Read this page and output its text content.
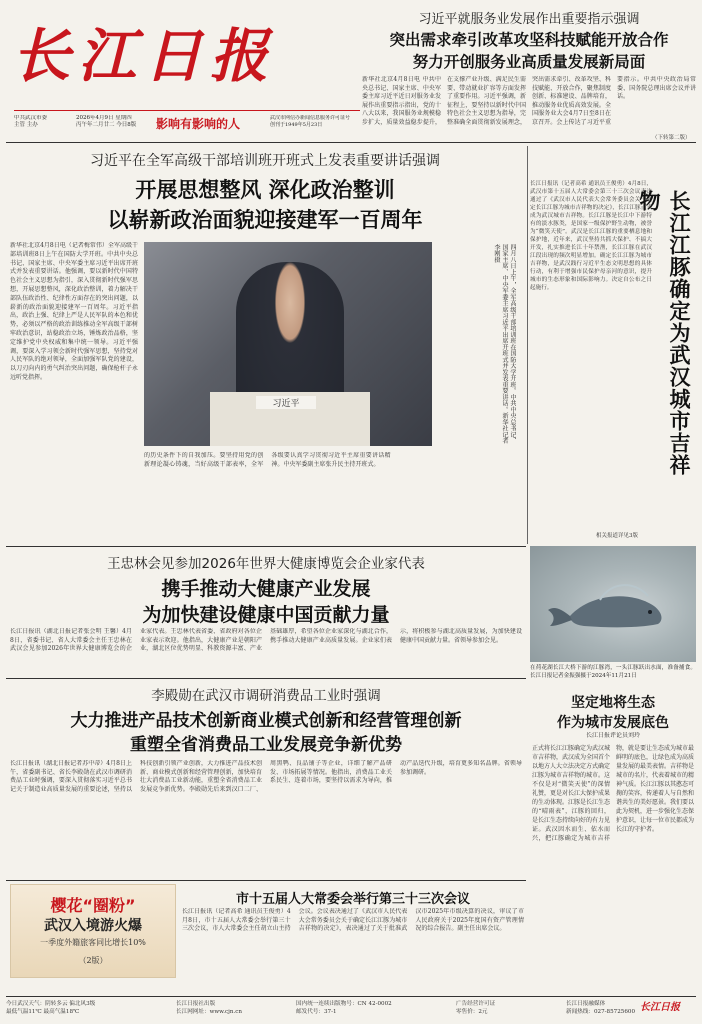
长江日报
中共武汉市委
主管 主办
2026年4月9日 星期四
丙午年二月廿二 今日8版	影响有影响的人	武汉市网信办新闻信息服务许可证号
创刊于1949年5月23日
习近平就服务业发展作出重要指示强调
突出需求牵引改革攻坚科技赋能开放合作
努力开创服务业高质量发展新局面
新华社北京4月8日电 中共中央总书记、国家主席、中央军委主席习近平近日对服务业发展作出重要指示指出，党的十八大以来，我国服务业规模稳步扩大，质量效益稳步提升，在支撑产业升级、满足民生需要、带动就业扩容等方面发挥了重要作用。习近平强调，新征程上，要坚持以新时代中国特色社会主义思想为指导，完整准确全面贯彻新发展理念，突出需求牵引、改革攻坚、科技赋能、开放合作，聚焦制度创新、标准建设、品牌培育，推动服务业优质高效发展。全国服务业大会4月7日至8日在京召开。会上传达了习近平重要指示。中共中央政治局常委、国务院总理出席会议并讲话。
（下转第二版）
习近平在全军高级干部培训班开班式上发表重要讲话强调
开展思想整风 深化政治整训
以崭新政治面貌迎接建军一百周年
新华社北京4月8日电（记者梅常伟）全军高级干部培训班8日上午在国防大学开班。中共中央总书记、国家主席、中央军委主席习近平出席开班式并发表重要讲话。他强调，要以新时代中国特色社会主义思想为指引，深入贯彻新时代强军思想，开展思想整风，深化政治整训，着力解决干部队伍政治性、纪律性方面存在的突出问题，以崭新的政治面貌迎接建军一百周年。习近平指出，政治上强、纪律上严是人民军队的本色和优势，必须以严格的政治训练推动全军高级干部树牢政治意识，站稳政治立场，锤炼政治品格，坚定维护党中央权威和集中统一领导。习近平强调，要深入学习领会新时代强军思想，坚持党对人民军队的绝对领导，全面加强军队党的建设，以刀刃向内的勇气纠治突出问题，确保枪杆子永远听党指挥。
习近平	四月八日上午，全军高级干部培训班在国防大学开班。中共中央总书记、国家主席、中央军委主席习近平出席开班式并发表重要讲话。新华社记者李刚摄
的历史条件下的自我加压。要坚持用党的创新理论凝心铸魂，当好高级干部表率，全军各级要认真学习贯彻习近平主席重要讲话精神。中央军委副主席张升民主持开班式。
长江日报讯（记者高希 通讯员王俊勇）4月8日，武汉市第十五届人大常委会第三十三次会议表决通过了《武汉市人民代表大会常务委员会关于确定长江江豚为城市吉祥物的决定》，长江江豚正式成为武汉城市吉祥物。长江江豚是长江中下游特有的淡水豚类，是国家一级保护野生动物，被誉为“微笑天使”。武汉是长江江豚的重要栖息地和保护地，近年来，武汉坚持共抓大保护、不搞大开发，扎实推进长江十年禁渔，长江江豚在武汉江段出现的频次明显增加。确定长江江豚为城市吉祥物，是武汉践行习近平生态文明思想的具体行动，有利于增强市民保护母亲河的意识，提升城市的生态形象和国际影响力。决定自公布之日起施行。	长江江豚确定为武汉城市吉祥物
相关报道详见3版
在荷花湖长江大桥下游的江豚湾，一头江豚跃出水面，准备捕食。长江日报记者金振强摄于2024年11月21日
王忠林会见参加2026年世界大健康博览会企业家代表
携手推动大健康产业发展
为加快建设健康中国贡献力量
长江日报讯（湖北日报记者张会明 王馨）4月8日，省委书记、省人大常委会主任王忠林在武汉会见参加2026年世界大健康博览会的企业家代表。王忠林代表省委、省政府对各位企业家表示欢迎。他指出，大健康产业是朝阳产业，湖北区位优势明显、科教资源丰富、产业基础雄厚，希望各位企业家深化与湖北合作，携手推动大健康产业高质量发展。企业家们表示，将积极参与湖北高质量发展，为加快建设健康中国贡献力量。省领导参加会见。
坚定地将生态
作为城市发展底色
长江日报评论员刘玲
正式将长江江豚确定为武汉城市吉祥物，武汉成为全国首个以地方人大立法决定方式确定江豚为城市吉祥物的城市。这不仅是对“微笑天使”的深情礼赞，更是对长江大保护成果的生动体现。江豚是长江生态的“晴雨表”，江豚的回归，是长江生态持续向好的有力见证。武汉因水而生、依水而兴，把江豚确定为城市吉祥物，就是要让生态成为城市最鲜明的底色，让绿色成为高质量发展的最美表情。吉祥物是城市的名片，代表着城市的精神气质。长江江豚以其憨态可掬的笑容，传递着人与自然和谐共生的美好愿景。我们要以此为契机，进一步强化生态保护意识，让每一位市民都成为长江的守护者。
长江日报
李殿勋在武汉市调研消费品工业时强调
大力推进产品技术创新商业模式创新和经营管理创新
重塑全省消费品工业发展竞争新优势
长江日报讯（湖北日报记者苏中蒂）4月8日上午，省委副书记、省长李殿勋在武汉市调研消费品工业时强调，要深入贯彻落实习近平总书记关于制造业高质量发展的重要论述，坚持以科技创新引领产业创新，大力推进产品技术创新、商业模式创新和经营管理创新，加快培育壮大消费品工业新动能，重塑全省消费品工业发展竞争新优势。李殿勋先后来到汉口二厂、周黑鸭、良品铺子等企业，详细了解产品研发、市场拓展等情况。他指出，消费品工业关系民生、连着市场，要坚持以需求为导向，推动产品迭代升级，培育更多知名品牌。省领导参加调研。
樱花“圈粉”
武汉入境游火爆
一季度外籍旅客同比增长10%
（2版）
市十五届人大常委会举行第三十三次会议
长江日报讯（记者高希 通讯员王俊勇）4月8日，市十五届人大常委会举行第三十三次会议，市人大常委会主任胡立山主持会议。会议表决通过了《武汉市人民代表大会常务委员会关于确定长江江豚为城市吉祥物的决定》，表决通过了关于批准武汉市2025年市级决算的决议，审议了市人民政府关于2025年度国有资产管理情况的综合报告。副主任出席会议。
今日武汉天气：阴转多云 偏北风3级
最低气温11℃ 最高气温18℃
长江日报社出版
长江网网址：www.cjn.cn
国内统一连续出版物号：CN 42-0002
邮发代号：37-1
广告经营许可证
零售价：2元
长江日报融媒体
新闻热线：027-85725600
